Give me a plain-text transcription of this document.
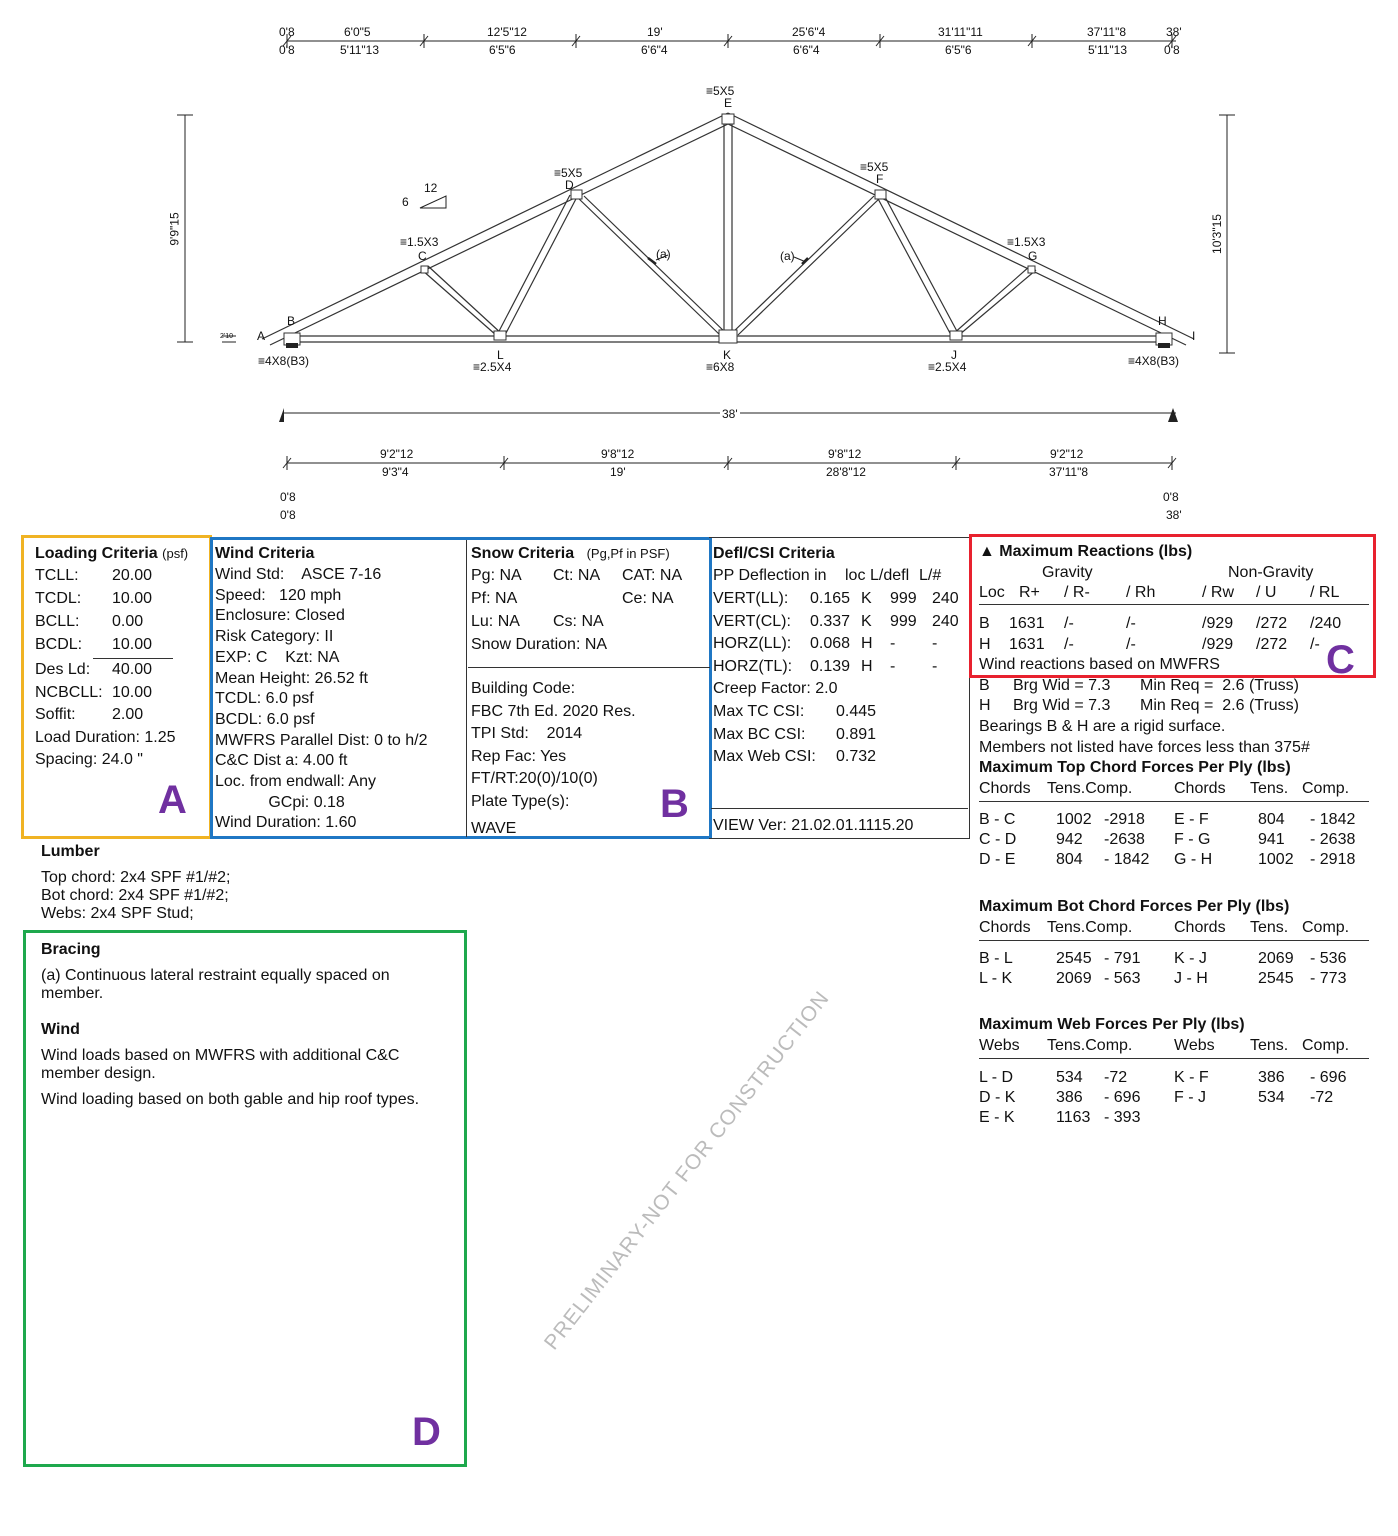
0'8	6'0"5	12'5"12	19'	25'6"4	31'11"11	37'11"8	38'
0'8	5'11"13	6'5"6	6'6"4	6'6"4	6'5"6	5'11"13	0'8
E
D	F
C	G
B	H
A	I
L	K	J
≡5X5
≡5X5	≡5X5
≡1.5X3	≡1.5X3
≡4X8(B3)	≡4X8(B3)
≡2.5X4	≡6X8	≡2.5X4
12
6
(a)	(a)
9'9"15	10'3"15
2'10
38'
9'2"12	9'8"12	9'8"12	9'2"12
9'3"4	19'	28'8"12	37'11"8
0'8
0'8
0'8
38'
Loading Criteria (psf)
TCLL: 20.00
TCDL: 10.00
BCLL: 0.00
BCDL: 10.00
Des Ld: 40.00
NCBCLL: 10.00
Soffit: 2.00
Load Duration: 1.25
Spacing: 24.0 "
Wind Criteria
Wind Std:    ASCE 7-16
Speed:   120 mph
Enclosure: Closed
Risk Category: II
EXP: C    Kzt: NA
Mean Height: 26.52 ft
TCDL: 6.0 psf
BCDL: 6.0 psf
MWFRS Parallel Dist: 0 to h/2
C&C Dist a: 4.00 ft
Loc. from endwall: Any
GCpi: 0.18
Wind Duration: 1.60
Snow Criteria (Pg,Pf in PSF)
Pg: NA Ct: NA CAT: NA
Pf: NA	Ce: NA
Lu: NA Cs: NA
Snow Duration: NA
Building Code:
FBC 7th Ed. 2020 Res.
TPI Std:    2014
Rep Fac: Yes
FT/RT:20(0)/10(0)
Plate Type(s):
WAVE
Defl/CSI Criteria
PP Deflection in loc L/defl L/#
VERT(LL): 0.165 K 999 240
VERT(CL): 0.337 K 999 240
HORZ(LL): 0.068 H - -
HORZ(TL): 0.139 H - -
Creep Factor: 2.0
Max TC CSI: 0.445
Max BC CSI: 0.891
Max Web CSI: 0.732
VIEW Ver: 21.02.01.1115.20
▲ Maximum Reactions (lbs)
Gravity	Non-Gravity
Loc R+ / R- / Rh	/ Rw / U / RL
B 1631 /-	/-	/929 /272 /240
H 1631 /-	/-	/929 /272 /-
Wind reactions based on MWFRS
B Brg Wid = 7.3 Min Req =  2.6 (Truss)
H Brg Wid = 7.3 Min Req =  2.6 (Truss)
Bearings B & H are a rigid surface.
Members not listed have forces less than 375#
Maximum Top Chord Forces Per Ply (lbs)
Chords Tens.Comp.	Chords Tens. Comp.
B - C	1002 -2918 E - F	804 - 1842
C - D 942 -2638 F - G	941 - 2638
D - E	804 - 1842 G - H	1002 - 2918
Maximum Bot Chord Forces Per Ply (lbs)
Chords Tens.Comp.	Chords Tens. Comp.
B - L	2545 - 791 K - J	2069 - 536
L - K	2069 - 563 J - H	2545 - 773
Maximum Web Forces Per Ply (lbs)
Webs Tens.Comp.	Webs Tens. Comp.
L - D	534 -72	K - F	386 - 696
D - K	386 - 696 F - J	534 -72
E - K	1163 - 393
Lumber
Top chord: 2x4 SPF #1/#2;
Bot chord: 2x4 SPF #1/#2;
Webs: 2x4 SPF Stud;
Bracing
(a) Continuous lateral restraint equally spaced on
member.
Wind
Wind loads based on MWFRS with additional C&C
member design.
Wind loading based on both gable and hip roof types.
A	B
C
D
PRELIMINARY-NOT FOR CONSTRUCTION
